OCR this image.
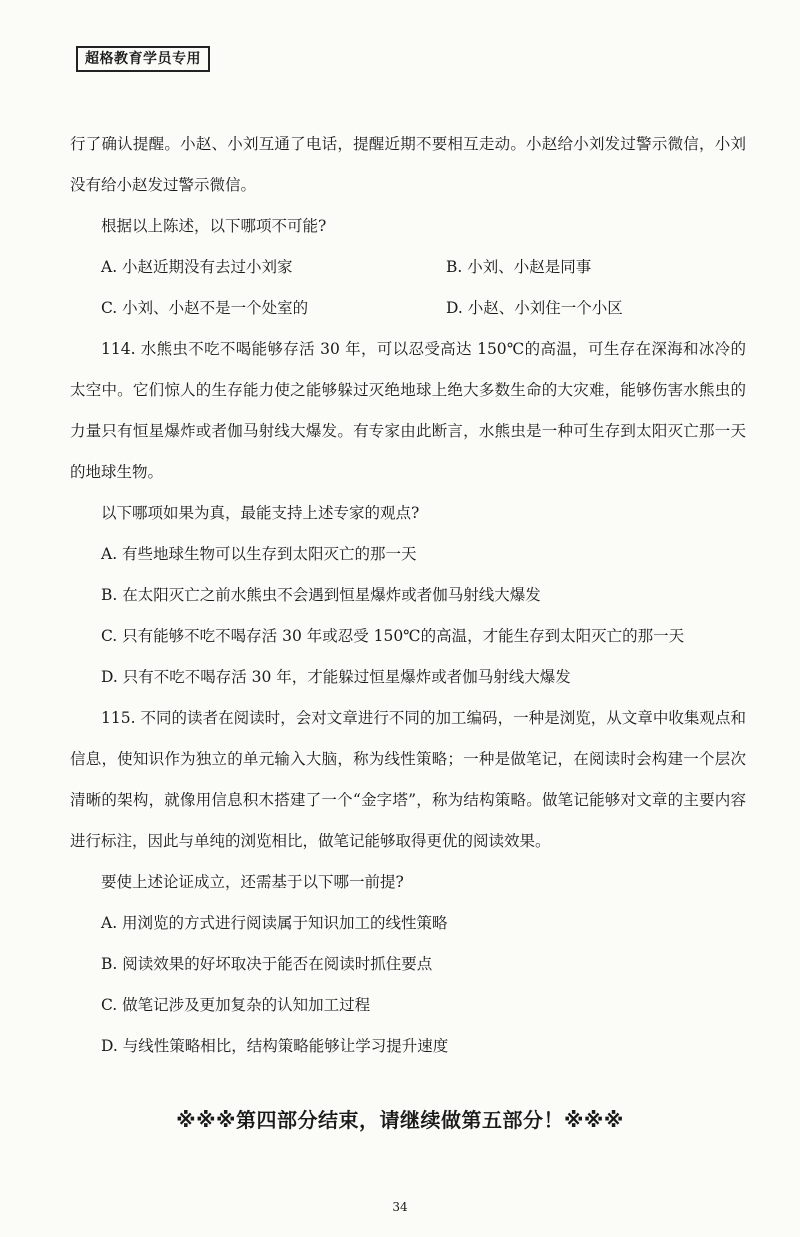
超格教育学员专用

行了确认提醒。小赵、小刘互通了电话，提醒近期不要相互走动。小赵给小刘发过警示微信，小刘没有给小赵发过警示微信。

根据以上陈述，以下哪项不可能?

A. 小赵近期没有去过小刘家	B. 小刘、小赵是同事
C. 小刘、小赵不是一个处室的	D. 小赵、小刘住一个小区

114. 水熊虫不吃不喝能够存活 30 年，可以忍受高达 150℃的高温，可生存在深海和冰冷的太空中。它们惊人的生存能力使之能够躲过灭绝地球上绝大多数生命的大灾难，能够伤害水熊虫的力量只有恒星爆炸或者伽马射线大爆发。有专家由此断言，水熊虫是一种可生存到太阳灭亡那一天的地球生物。

以下哪项如果为真，最能支持上述专家的观点?

A. 有些地球生物可以生存到太阳灭亡的那一天

B. 在太阳灭亡之前水熊虫不会遇到恒星爆炸或者伽马射线大爆发

C. 只有能够不吃不喝存活 30 年或忍受 150℃的高温，才能生存到太阳灭亡的那一天

D. 只有不吃不喝存活 30 年，才能躲过恒星爆炸或者伽马射线大爆发

115. 不同的读者在阅读时，会对文章进行不同的加工编码，一种是浏览，从文章中收集观点和信息，使知识作为独立的单元输入大脑，称为线性策略；一种是做笔记，在阅读时会构建一个层次清晰的架构，就像用信息积木搭建了一个“金字塔”，称为结构策略。做笔记能够对文章的主要内容进行标注，因此与单纯的浏览相比，做笔记能够取得更优的阅读效果。

要使上述论证成立，还需基于以下哪一前提?

A. 用浏览的方式进行阅读属于知识加工的线性策略

B. 阅读效果的好坏取决于能否在阅读时抓住要点

C. 做笔记涉及更加复杂的认知加工过程

D. 与线性策略相比，结构策略能够让学习提升速度

※※※第四部分结束，请继续做第五部分！※※※
34
